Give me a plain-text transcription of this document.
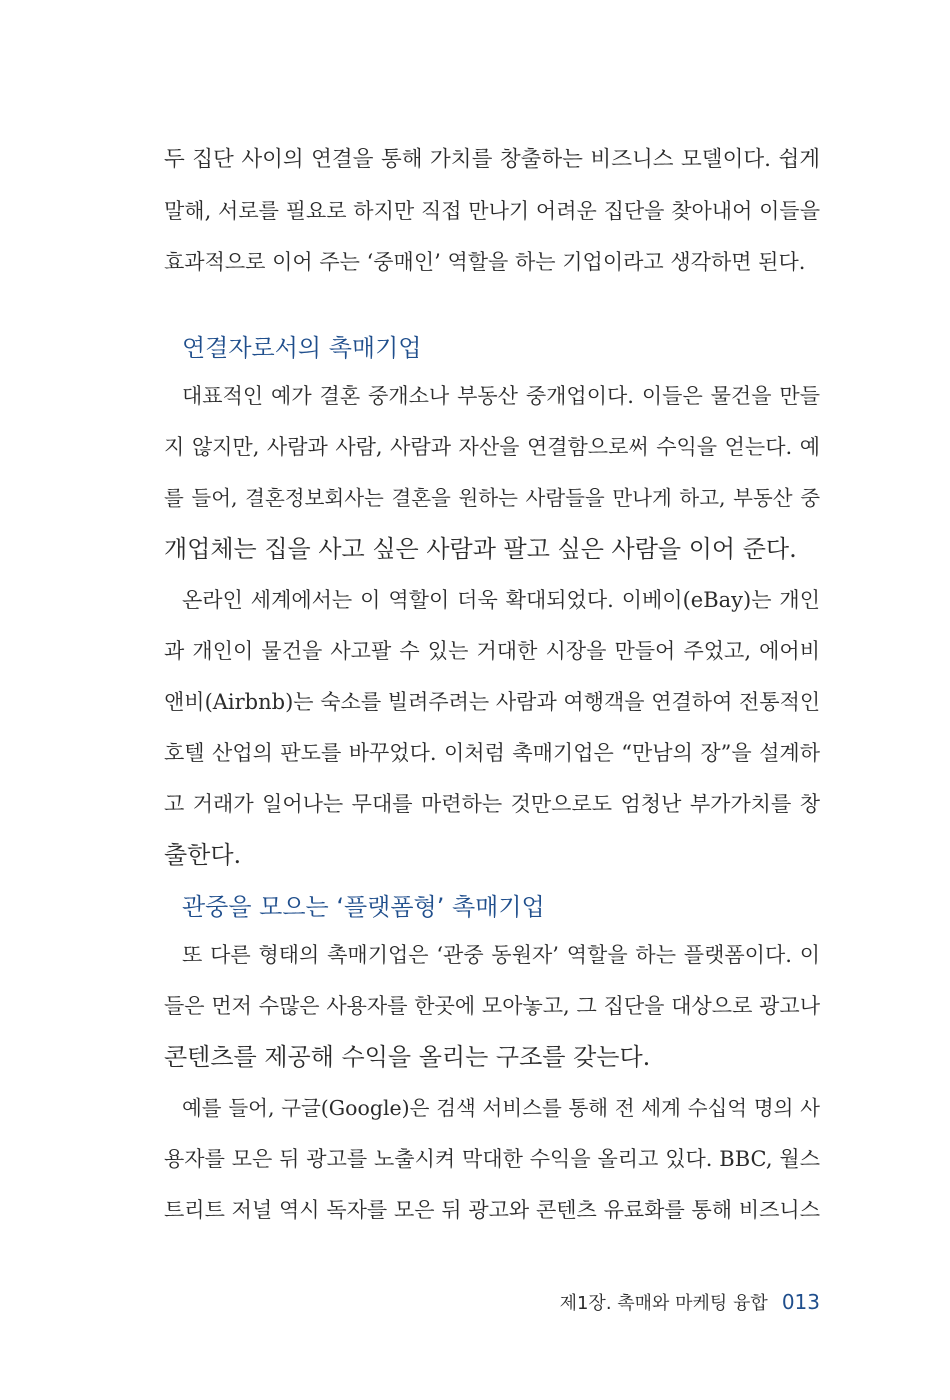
두 집단 사이의 연결을 통해 가치를 창출하는 비즈니스 모델이다. 쉽게
말해, 서로를 필요로 하지만 직접 만나기 어려운 집단을 찾아내어 이들을
효과적으로 이어 주는 ‘중매인’ 역할을 하는 기업이라고 생각하면 된다.
연결자로서의 촉매기업
대표적인 예가 결혼 중개소나 부동산 중개업이다. 이들은 물건을 만들
지 않지만, 사람과 사람, 사람과 자산을 연결함으로써 수익을 얻는다. 예
를 들어, 결혼정보회사는 결혼을 원하는 사람들을 만나게 하고, 부동산 중
개업체는 집을 사고 싶은 사람과 팔고 싶은 사람을 이어 준다.
온라인 세계에서는 이 역할이 더욱 확대되었다. 이베이(eBay)는 개인
과 개인이 물건을 사고팔 수 있는 거대한 시장을 만들어 주었고, 에어비
앤비(Airbnb)는 숙소를 빌려주려는 사람과 여행객을 연결하여 전통적인
호텔 산업의 판도를 바꾸었다. 이처럼 촉매기업은 “만남의 장”을 설계하
고 거래가 일어나는 무대를 마련하는 것만으로도 엄청난 부가가치를 창
출한다.
관중을 모으는 ‘플랫폼형’ 촉매기업
또 다른 형태의 촉매기업은 ‘관중 동원자’ 역할을 하는 플랫폼이다. 이
들은 먼저 수많은 사용자를 한곳에 모아놓고, 그 집단을 대상으로 광고나
콘텐츠를 제공해 수익을 올리는 구조를 갖는다.
예를 들어, 구글(Google)은 검색 서비스를 통해 전 세계 수십억 명의 사
용자를 모은 뒤 광고를 노출시켜 막대한 수익을 올리고 있다. BBC, 월스
트리트 저널 역시 독자를 모은 뒤 광고와 콘텐츠 유료화를 통해 비즈니스
제1장. 촉매와 마케팅 융합 013
